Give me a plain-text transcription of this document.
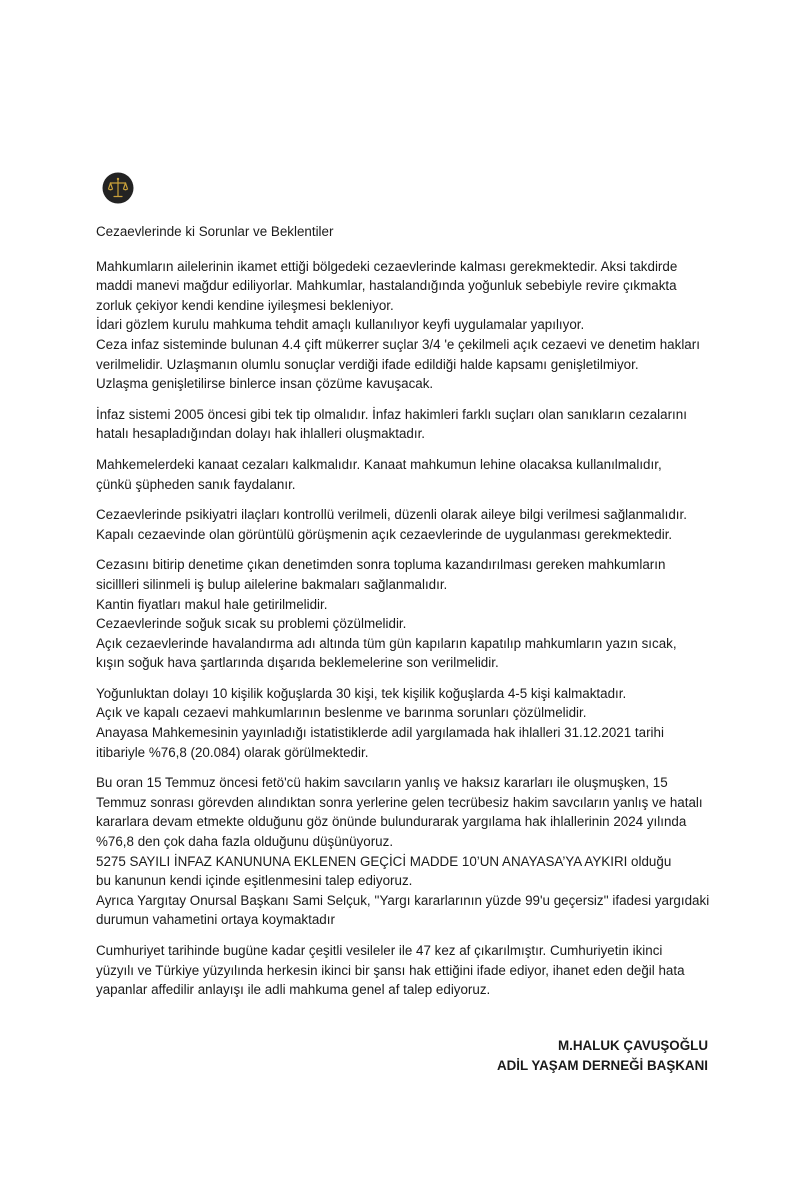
Cezaevlerinde ki Sorunlar ve Beklentiler

Mahkumların ailelerinin ikamet ettiği bölgedeki cezaevlerinde kalması gerekmektedir. Aksi takdirde
maddi manevi mağdur ediliyorlar. Mahkumlar, hastalandığında yoğunluk sebebiyle revire çıkmakta
zorluk çekiyor kendi kendine iyileşmesi bekleniyor.
İdari gözlem kurulu mahkuma tehdit amaçlı kullanılıyor keyfi uygulamalar yapılıyor.
Ceza infaz sisteminde bulunan 4.4 çift mükerrer suçlar 3/4 'e çekilmeli açık cezaevi ve denetim hakları
verilmelidir. Uzlaşmanın olumlu sonuçlar verdiği ifade edildiği halde kapsamı genişletilmiyor.
Uzlaşma genişletilirse binlerce insan çözüme kavuşacak.

İnfaz sistemi 2005 öncesi gibi tek tip olmalıdır. İnfaz hakimleri farklı suçları olan sanıkların cezalarını
hatalı hesapladığından dolayı hak ihlalleri oluşmaktadır.

Mahkemelerdeki kanaat cezaları kalkmalıdır. Kanaat mahkumun lehine olacaksa kullanılmalıdır,
çünkü şüpheden sanık faydalanır.

Cezaevlerinde psikiyatri ilaçları kontrollü verilmeli, düzenli olarak aileye bilgi verilmesi sağlanmalıdır.
Kapalı cezaevinde olan görüntülü görüşmenin açık cezaevlerinde de uygulanması gerekmektedir.

Cezasını bitirip denetime çıkan denetimden sonra topluma kazandırılması gereken mahkumların
sicillleri silinmeli iş bulup ailelerine bakmaları sağlanmalıdır.
Kantin fiyatları makul hale getirilmelidir.
Cezaevlerinde soğuk sıcak su problemi çözülmelidir.
Açık cezaevlerinde havalandırma adı altında tüm gün kapıların kapatılıp mahkumların yazın sıcak,
kışın soğuk hava şartlarında dışarıda beklemelerine son verilmelidir.

Yoğunluktan dolayı 10 kişilik koğuşlarda 30 kişi, tek kişilik koğuşlarda 4-5 kişi kalmaktadır.
Açık ve kapalı cezaevi mahkumlarının beslenme ve barınma sorunları çözülmelidir.
Anayasa Mahkemesinin yayınladığı istatistiklerde adil yargılamada hak ihlalleri 31.12.2021 tarihi
itibariyle %76,8 (20.084) olarak görülmektedir.

Bu oran 15 Temmuz öncesi fetö'cü hakim savcıların yanlış ve haksız kararları ile oluşmuşken, 15
Temmuz sonrası görevden alındıktan sonra yerlerine gelen tecrübesiz hakim savcıların yanlış ve hatalı
kararlara devam etmekte olduğunu göz önünde bulundurarak yargılama hak ihlallerinin 2024 yılında
%76,8 den çok daha fazla olduğunu düşünüyoruz.
5275 SAYILI İNFAZ KANUNUNA EKLENEN GEÇİCİ MADDE 10’UN ANAYASA’YA AYKIRI olduğu
bu kanunun kendi içinde eşitlenmesini talep ediyoruz.
Ayrıca Yargıtay Onursal Başkanı Sami Selçuk, ''Yargı kararlarının yüzde 99'u geçersiz'' ifadesi yargıdaki
durumun vahametini ortaya koymaktadır

Cumhuriyet tarihinde bugüne kadar çeşitli vesileler ile 47 kez af çıkarılmıştır. Cumhuriyetin ikinci
yüzyılı ve Türkiye yüzyılında herkesin ikinci bir şansı hak ettiğini ifade ediyor, ihanet eden değil hata
yapanlar affedilir anlayışı ile adli mahkuma genel af talep ediyoruz.

M.HALUK ÇAVUŞOĞLU
ADİL YAŞAM DERNEĞİ BAŞKANI
